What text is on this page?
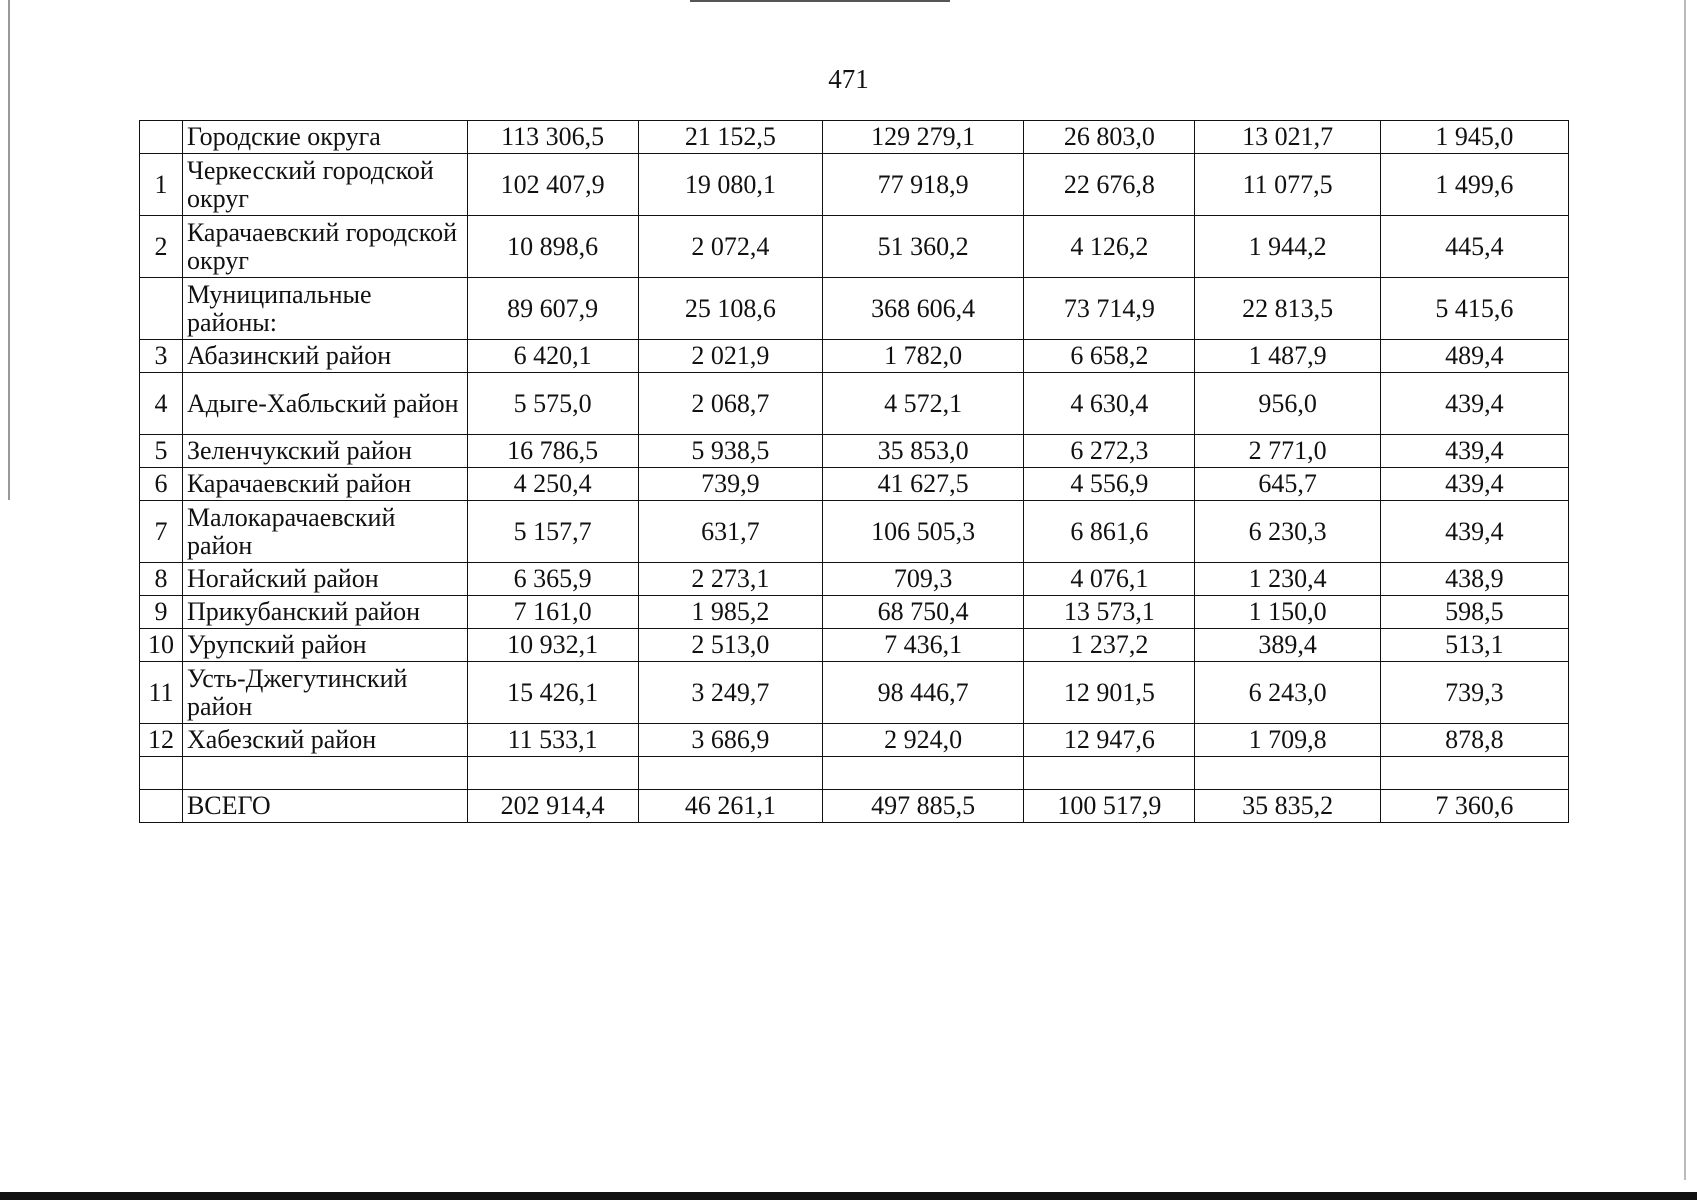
471
	Городские округа	113 306,5	21 152,5	129 279,1	26 803,0	13 021,7	1 945,0
1	Черкесский городской округ	102 407,9	19 080,1	77 918,9	22 676,8	11 077,5	1 499,6
2	Карачаевский городской округ	10 898,6	2 072,4	51 360,2	4 126,2	1 944,2	445,4
	Муниципальные районы:	89 607,9	25 108,6	368 606,4	73 714,9	22 813,5	5 415,6
3	Абазинский район	6 420,1	2 021,9	1 782,0	6 658,2	1 487,9	489,4
4	Адыге-Хабльский район	5 575,0	2 068,7	4 572,1	4 630,4	956,0	439,4
5	Зеленчукский район	16 786,5	5 938,5	35 853,0	6 272,3	2 771,0	439,4
6	Карачаевский район	4 250,4	739,9	41 627,5	4 556,9	645,7	439,4
7	Малокарачаевский район	5 157,7	631,7	106 505,3	6 861,6	6 230,3	439,4
8	Ногайский район	6 365,9	2 273,1	709,3	4 076,1	1 230,4	438,9
9	Прикубанский район	7 161,0	1 985,2	68 750,4	13 573,1	1 150,0	598,5
10	Урупский район	10 932,1	2 513,0	7 436,1	1 237,2	389,4	513,1
11	Усть-Джегутинский район	15 426,1	3 249,7	98 446,7	12 901,5	6 243,0	739,3
12	Хабезский район	11 533,1	3 686,9	2 924,0	12 947,6	1 709,8	878,8

	ВСЕГО	202 914,4	46 261,1	497 885,5	100 517,9	35 835,2	7 360,6
